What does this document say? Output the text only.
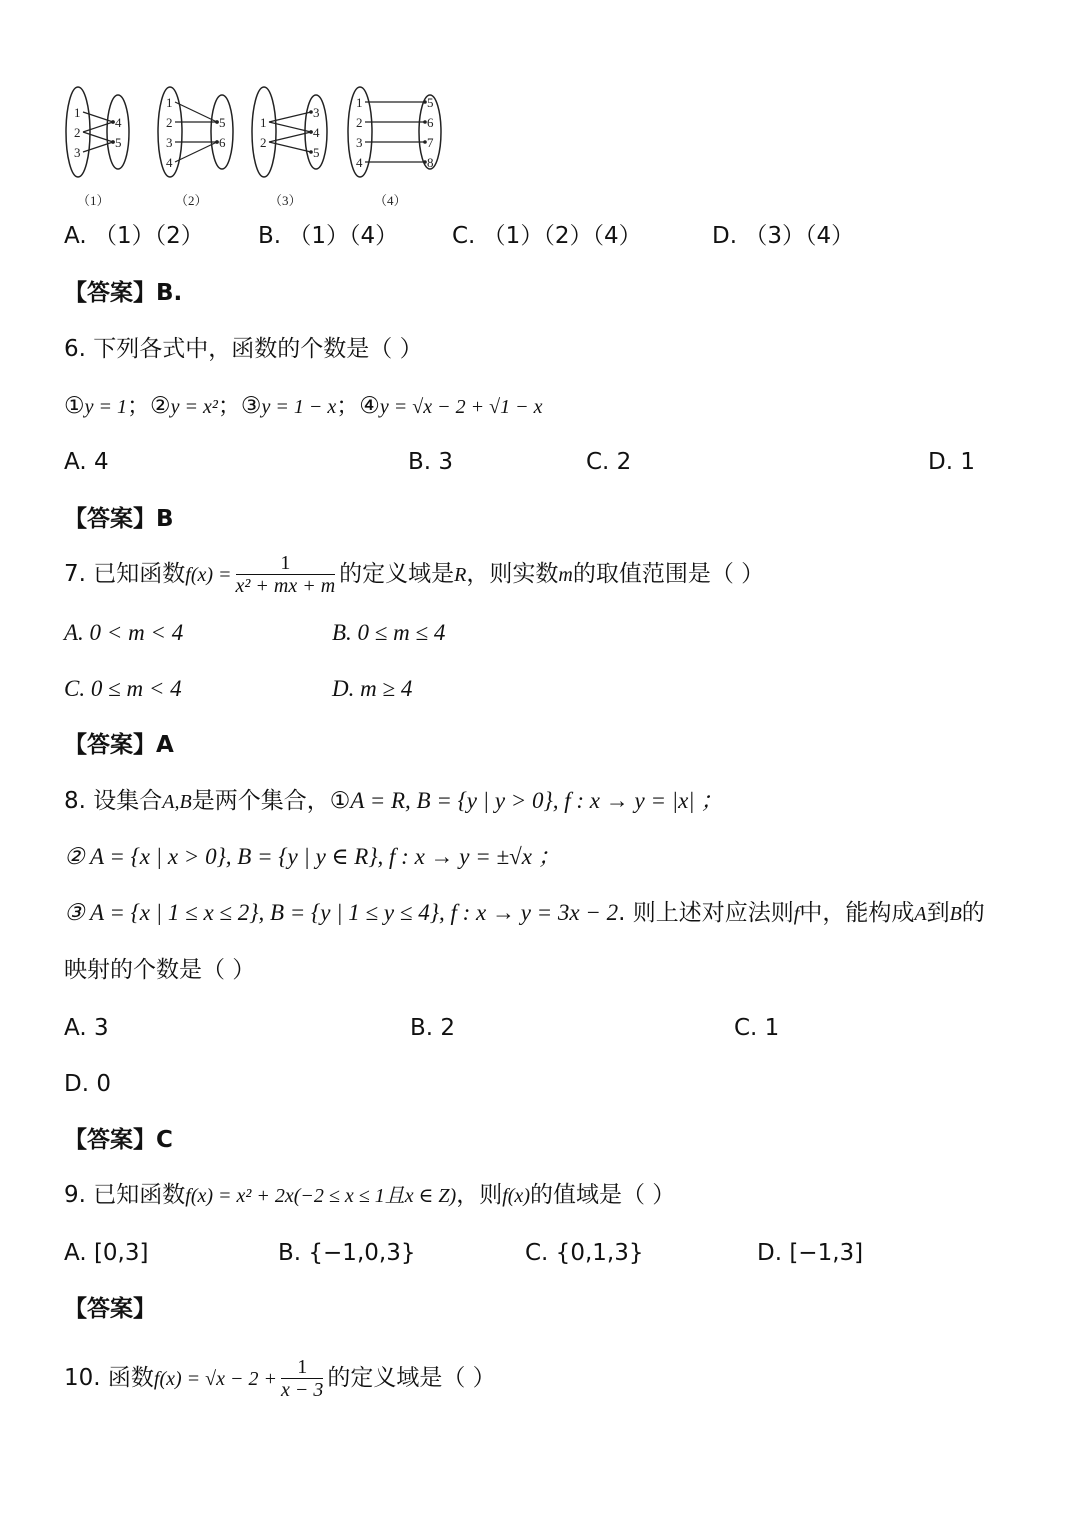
1
2
3
4
5
（1）
1
2
3
4
5
6
（2）
1
2
3
4
5
（3）
1
2
3
4
5
6
7
8
（4）
A. （1）（2） B. （1）（4） C. （1）（2）（4）	D. （3）（4）
【答案】B.
6. 下列各式中，函数的个数是（ ）
①y = 1；②y = x²；③y = 1 − x；④y = √x − 2 + √1 − x
A. 4	B. 3	C. 2	D. 1
【答案】B
7. 已知函数$f(x) = \frac{1}{\text{x² + mx + m}}$ 的定义域是R，则实数m的取值范围是（ ）
A. 0 < m < 4	B. 0 ≤ m ≤ 4
C. 0 ≤ m < 4	D. m ≥ 4
【答案】A
8. 设集合A,B是两个集合，①A = R, B = {y | y > 0}, f : x → y = |x| ；
② A = {x | x > 0}, B = {y | y ∈ R}, f : x → y = ±√x ；
③ A = {x | 1 ≤ x ≤ 2}, B = {y | 1 ≤ y ≤ 4}, f : x → y = 3x − 2. 则上述对应法则f中，能构成A到B的
映射的个数是（ ）
A. 3	B. 2	C. 1
D. 0
【答案】C
9. 已知函数f(x) = x² + 2x(−2 ≤ x ≤ 1且x ∈ Z)，则f(x)的值域是（ ）
A. [0,3]	B. {−1,0,3}	C. {0,1,3}	D. [−1,3]
【答案】
10. 函数$f(x) = √x - 2 + \frac{1}{x - 3}$ 的定义域是（ ）
